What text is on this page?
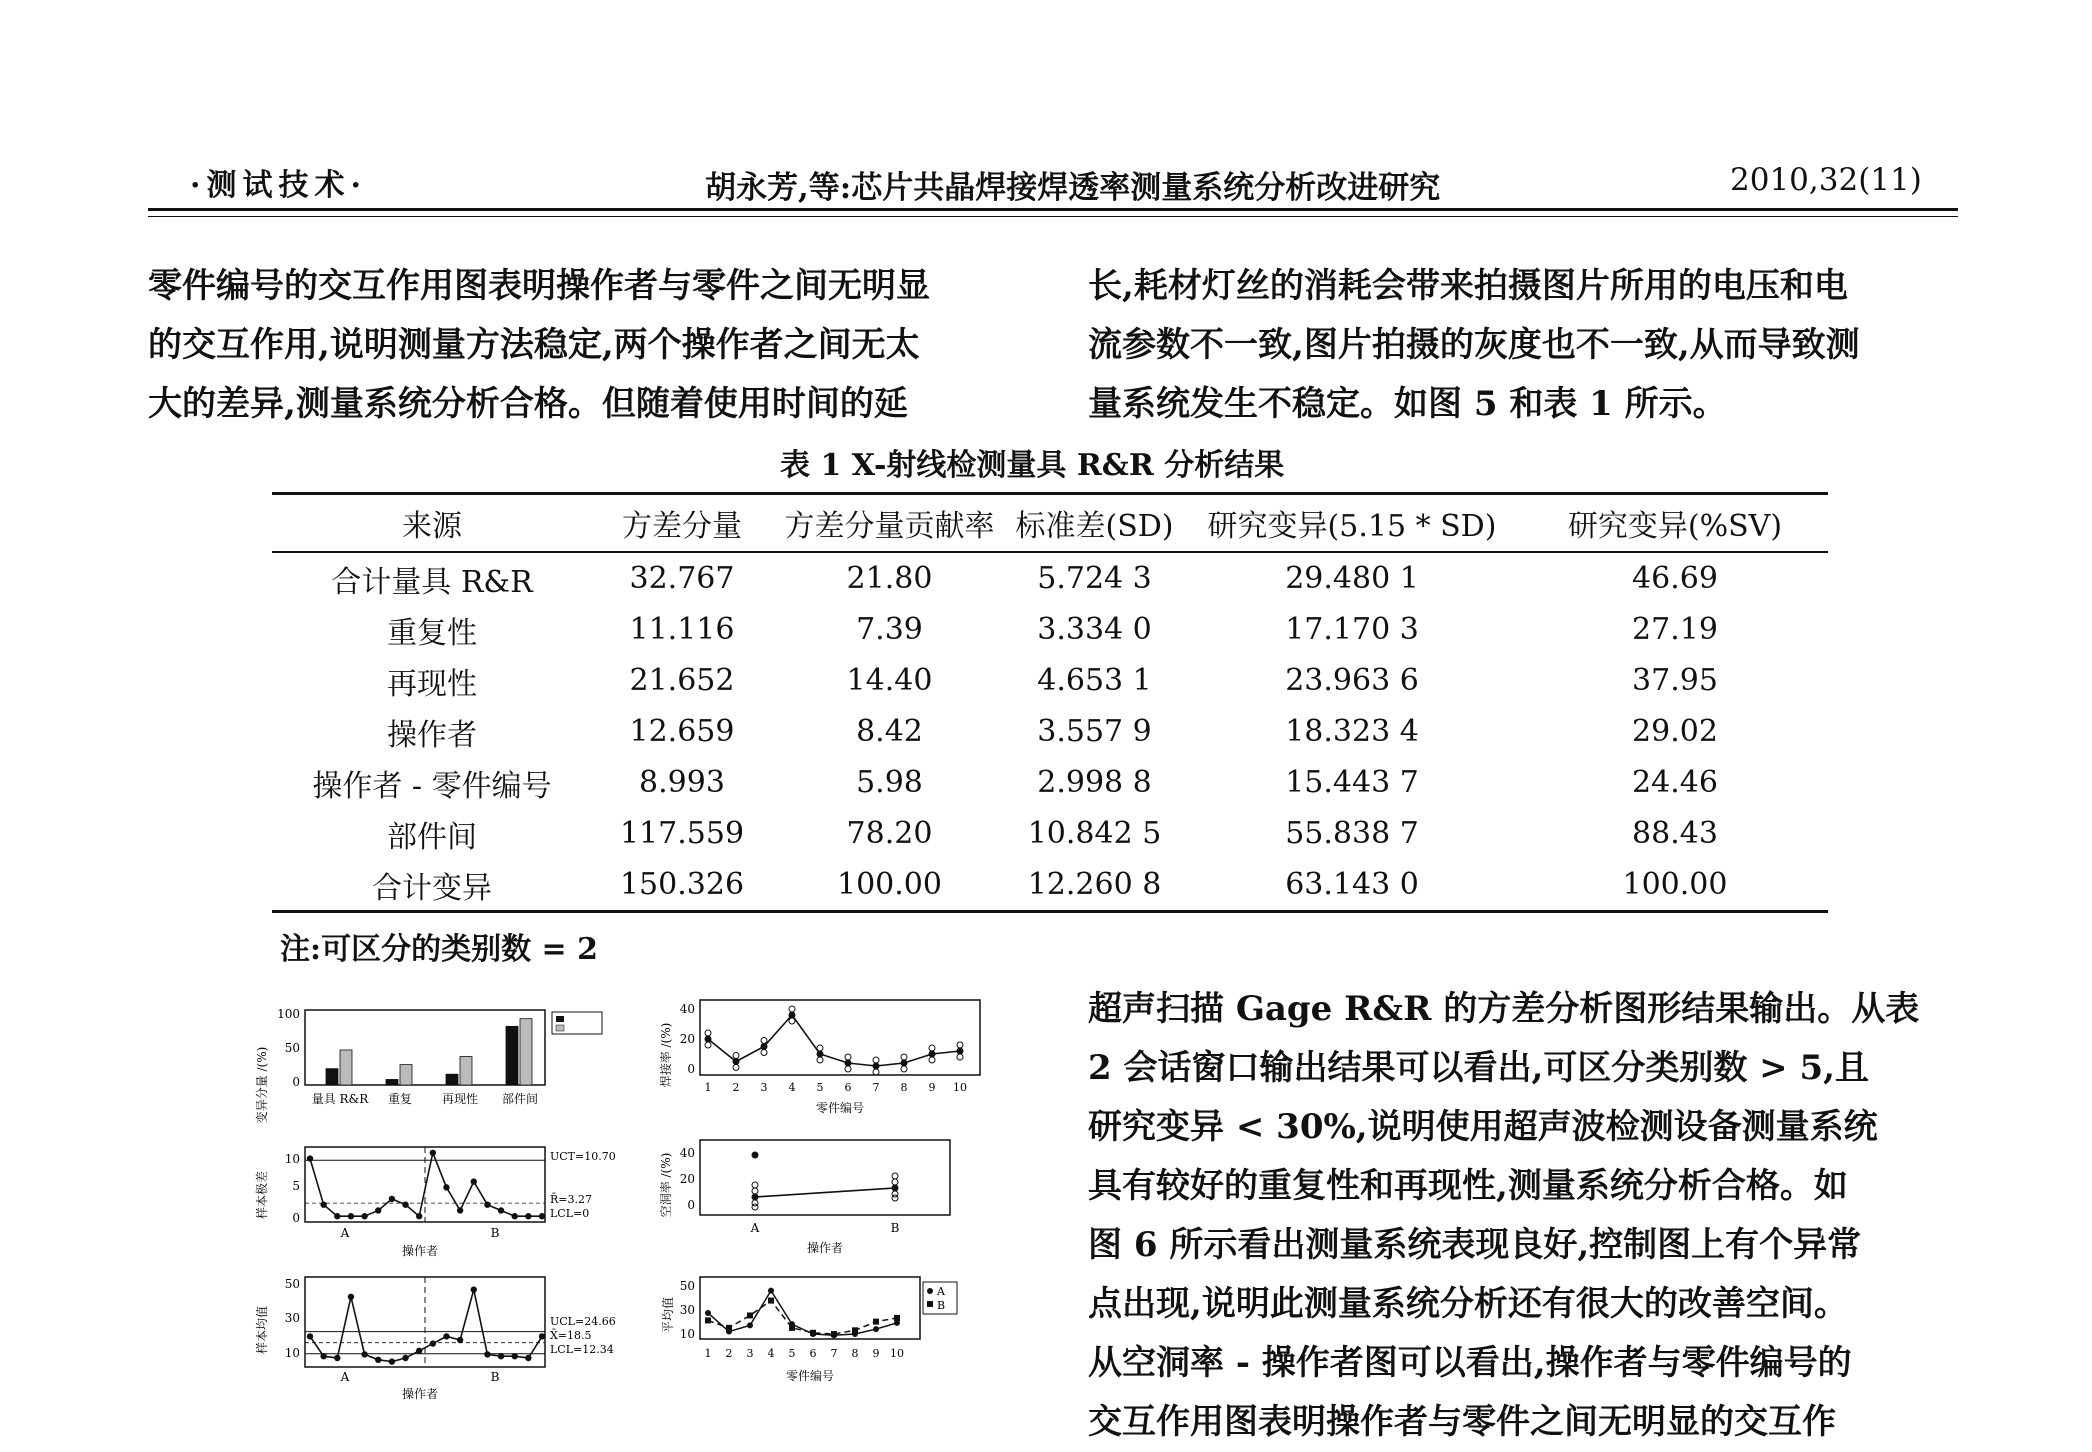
·测试技术·	胡永芳,等:芯片共晶焊接焊透率测量系统分析改进研究	2010,32(11)

零件编号的交互作用图表明操作者与零件之间无明显

的交互作用,说明测量方法稳定,两个操作者之间无太

大的差异,测量系统分析合格。但随着使用时间的延

长,耗材灯丝的消耗会带来拍摄图片所用的电压和电

流参数不一致,图片拍摄的灰度也不一致,从而导致测

量系统发生不稳定。如图 5 和表 1 所示。

表 1 X-射线检测量具 R&R 分析结果
来源	方差分量	方差分量贡献率	标准差(SD)	研究变异(5.15 * SD)	研究变异(%SV)
合计量具 R&R	32.767	21.80	5.724 3	29.480 1	46.69
重复性	11.116	7.39	3.334 0	17.170 3	27.19
再现性	21.652	14.40	4.653 1	23.963 6	37.95
操作者	12.659	8.42	3.557 9	18.323 4	29.02
操作者 - 零件编号	8.993	5.98	2.998 8	15.443 7	24.46
部件间	117.559	78.20	10.842 5	55.838 7	88.43
合计变异	150.326	100.00	12.260 8	63.143 0	100.00
注:可区分的类别数 = 2
变异分量 /(%)
100
50
0
量具 R&R 重复 再现性 部件间
焊接率 /(%)
40
20
0
1 2 3 4 5 6 7 8 9 10
零件编号
样本极差
10
5
0
UCT=10.70
R̄=3.27
LCL=0
A	B
操作者
空洞率 /(%) 40
20
0
A	B
操作者
样本均值
50
30
10
UCL=24.66
X̄=18.5
LCL=12.34
A	B
操作者
平均值
50
30
10
1 2 3 4 5 6 7 8 9 10
A
B
零件编号

超声扫描 Gage R&R 的方差分析图形结果输出。从表

2 会话窗口输出结果可以看出,可区分类别数 > 5,且

研究变异 < 30%,说明使用超声波检测设备测量系统

具有较好的重复性和再现性,测量系统分析合格。如

图 6 所示看出测量系统表现良好,控制图上有个异常

点出现,说明此测量系统分析还有很大的改善空间。

从空洞率 - 操作者图可以看出,操作者与零件编号的

交互作用图表明操作者与零件之间无明显的交互作
